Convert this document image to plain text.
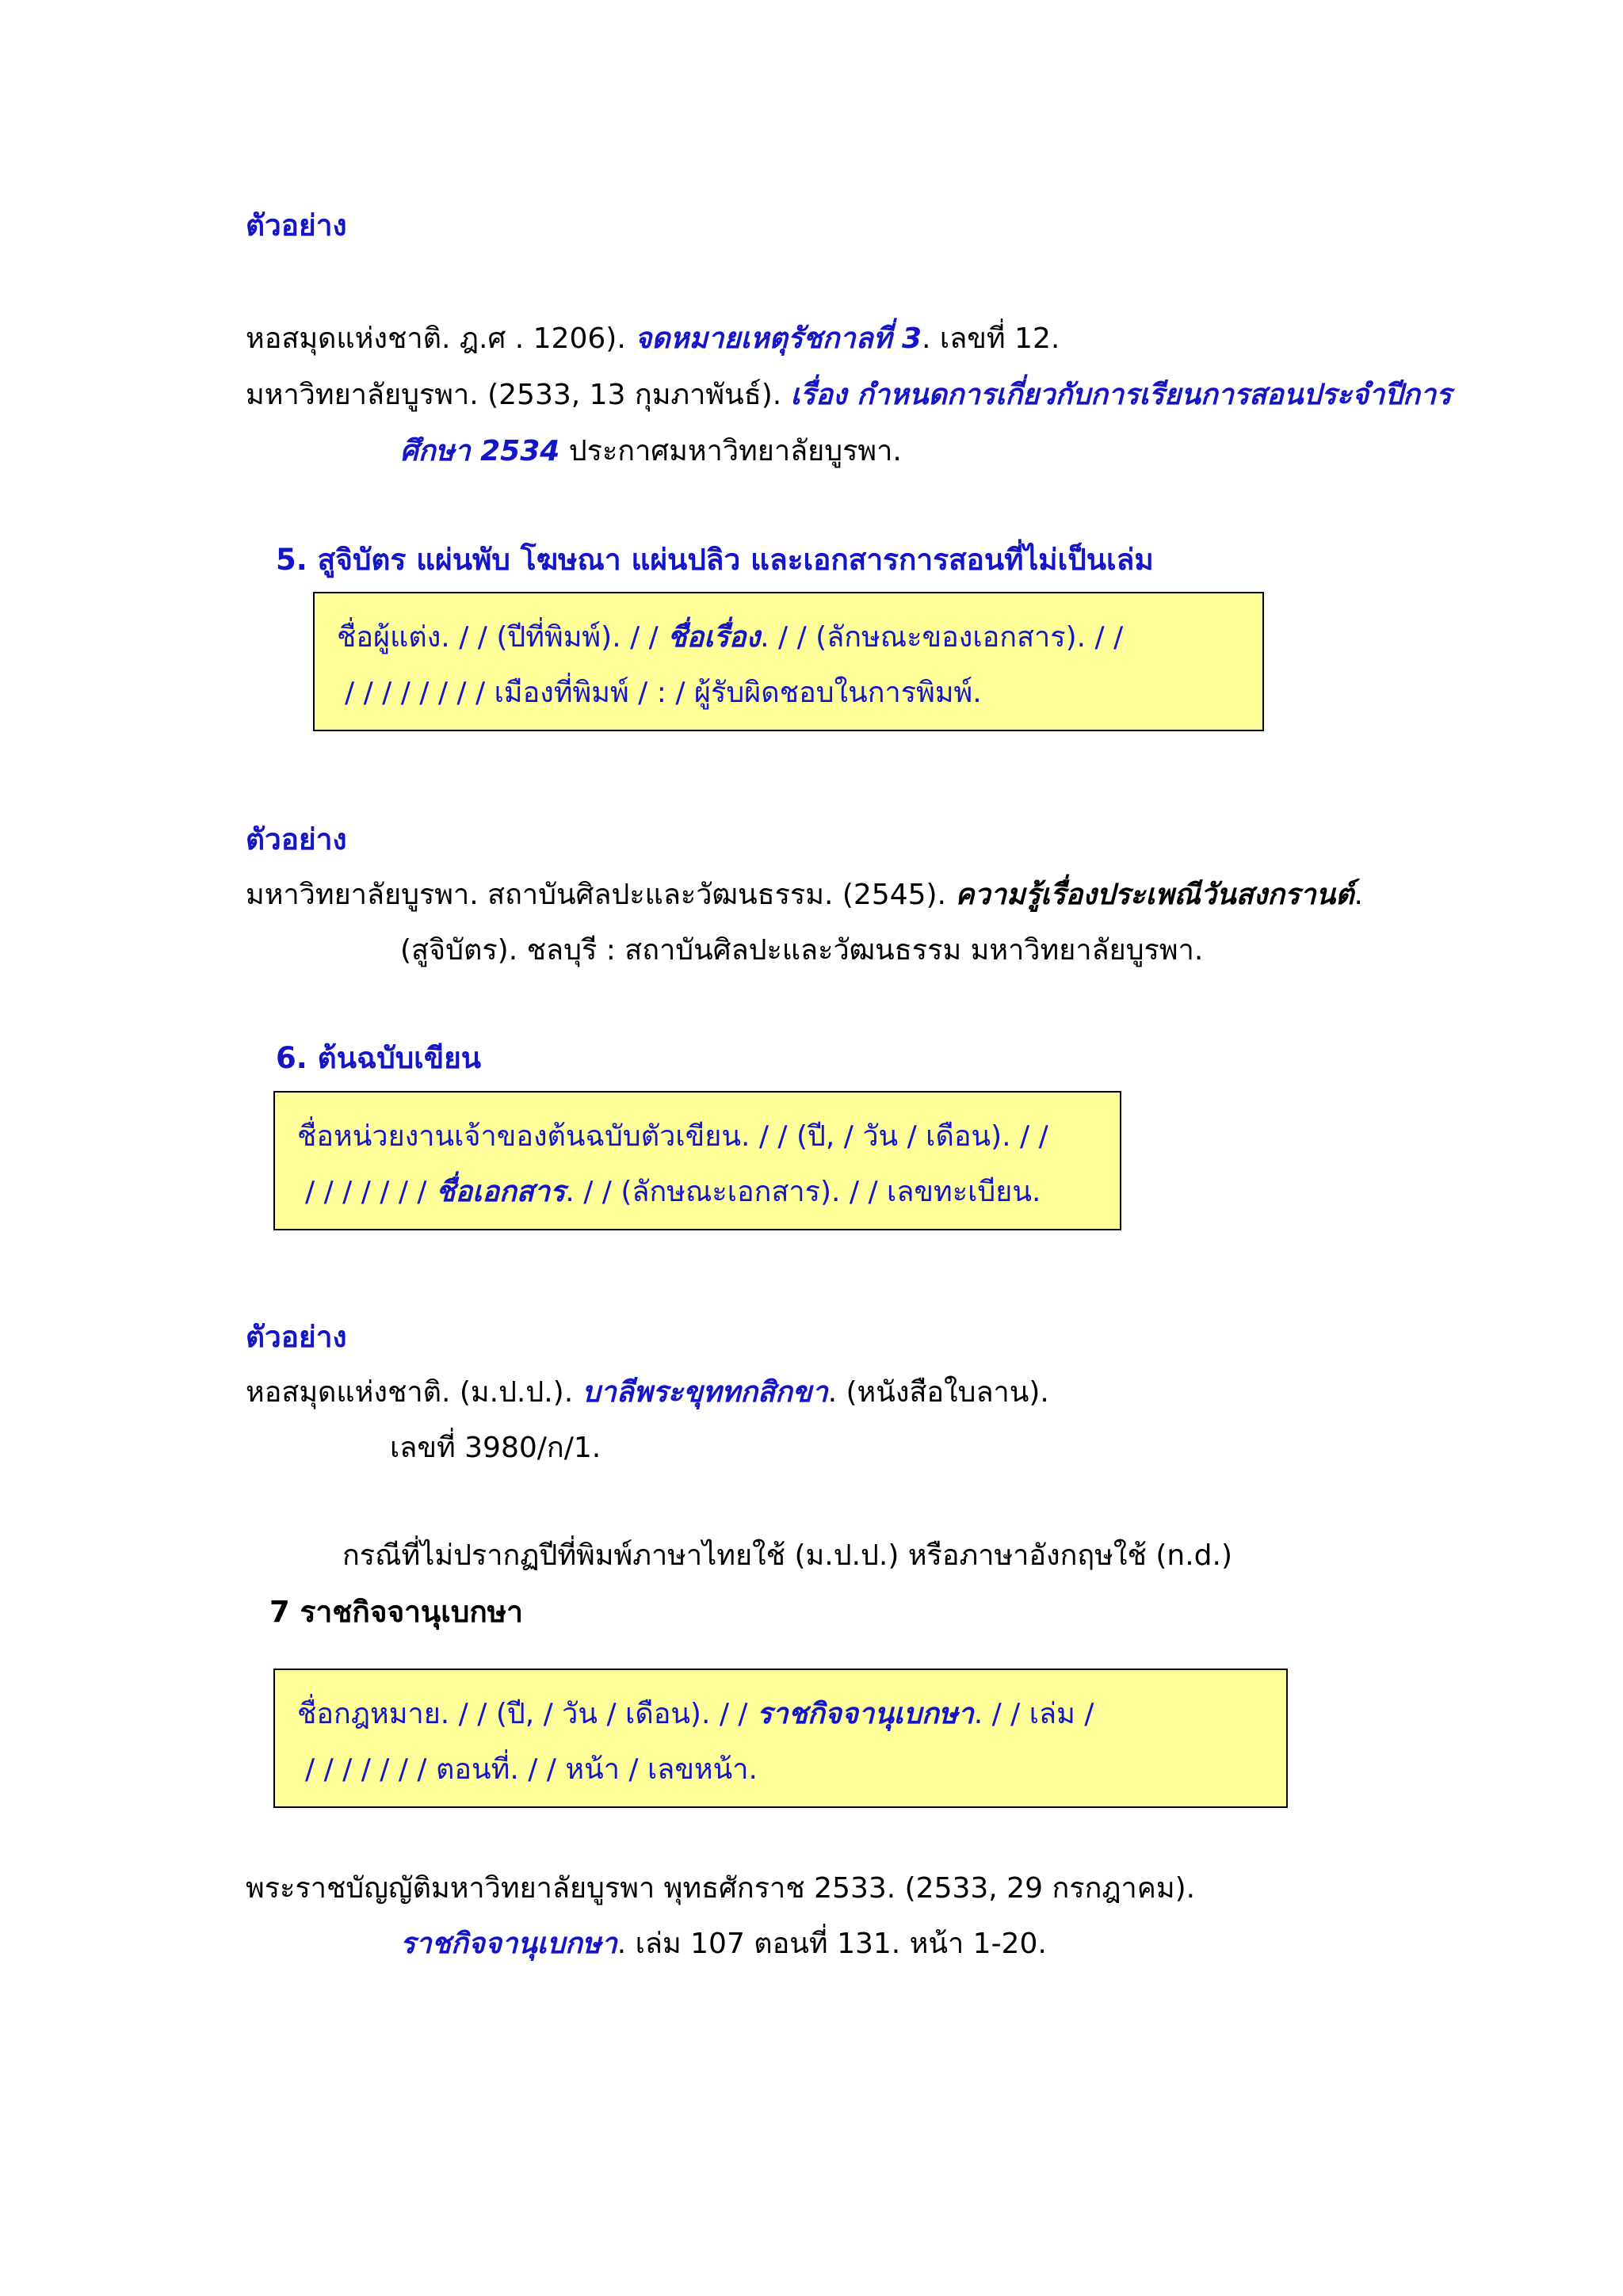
ตัวอย่าง
หอสมุดแห่งชาติ. ฎ.ศ . 1206). จดหมายเหตุรัชกาลที่ 3. เลขที่ 12.
มหาวิทยาลัยบูรพา. (2533, 13 กุมภาพันธ์). เรื่อง กำหนดการเกี่ยวกับการเรียนการสอนประจำปีการ
ศึกษา 2534 ประกาศมหาวิทยาลัยบูรพา.
5. สูจิบัตร แผ่นพับ โฆษณา แผ่นปลิว และเอกสารการสอนที่ไม่เป็นเล่ม
ชื่อผู้แต่ง. / / (ปีที่พิมพ์). / / ชื่อเรื่อง. / / (ลักษณะของเอกสาร). / /
/ / / / / / / / เมืองที่พิมพ์ / : / ผู้รับผิดชอบในการพิมพ์.
ตัวอย่าง
มหาวิทยาลัยบูรพา. สถาบันศิลปะและวัฒนธรรม. (2545). ความรู้เรื่องประเพณีวันสงกรานต์.
(สูจิบัตร). ชลบุรี : สถาบันศิลปะและวัฒนธรรม มหาวิทยาลัยบูรพา.
6. ต้นฉบับเขียน
ชื่อหน่วยงานเจ้าของต้นฉบับตัวเขียน. / / (ปี, / วัน / เดือน). / /
/ / / / / / / ชื่อเอกสาร. / / (ลักษณะเอกสาร). / / เลขทะเบียน.
ตัวอย่าง
หอสมุดแห่งชาติ. (ม.ป.ป.). บาลีพระขุททกสิกขา. (หนังสือใบลาน).
เลขที่ 3980/ก/1.
กรณีที่ไม่ปรากฏปีที่พิมพ์ภาษาไทยใช้ (ม.ป.ป.) หรือภาษาอังกฤษใช้ (n.d.)
7 ราชกิจจานุเบกษา
ชื่อกฎหมาย. / / (ปี, / วัน / เดือน). / / ราชกิจจานุเบกษา. / / เล่ม /
/ / / / / / / ตอนที่. / / หน้า / เลขหน้า.
พระราชบัญญัติมหาวิทยาลัยบูรพา พุทธศักราช 2533. (2533, 29 กรกฎาคม).
ราชกิจจานุเบกษา. เล่ม 107 ตอนที่ 131. หน้า 1-20.
